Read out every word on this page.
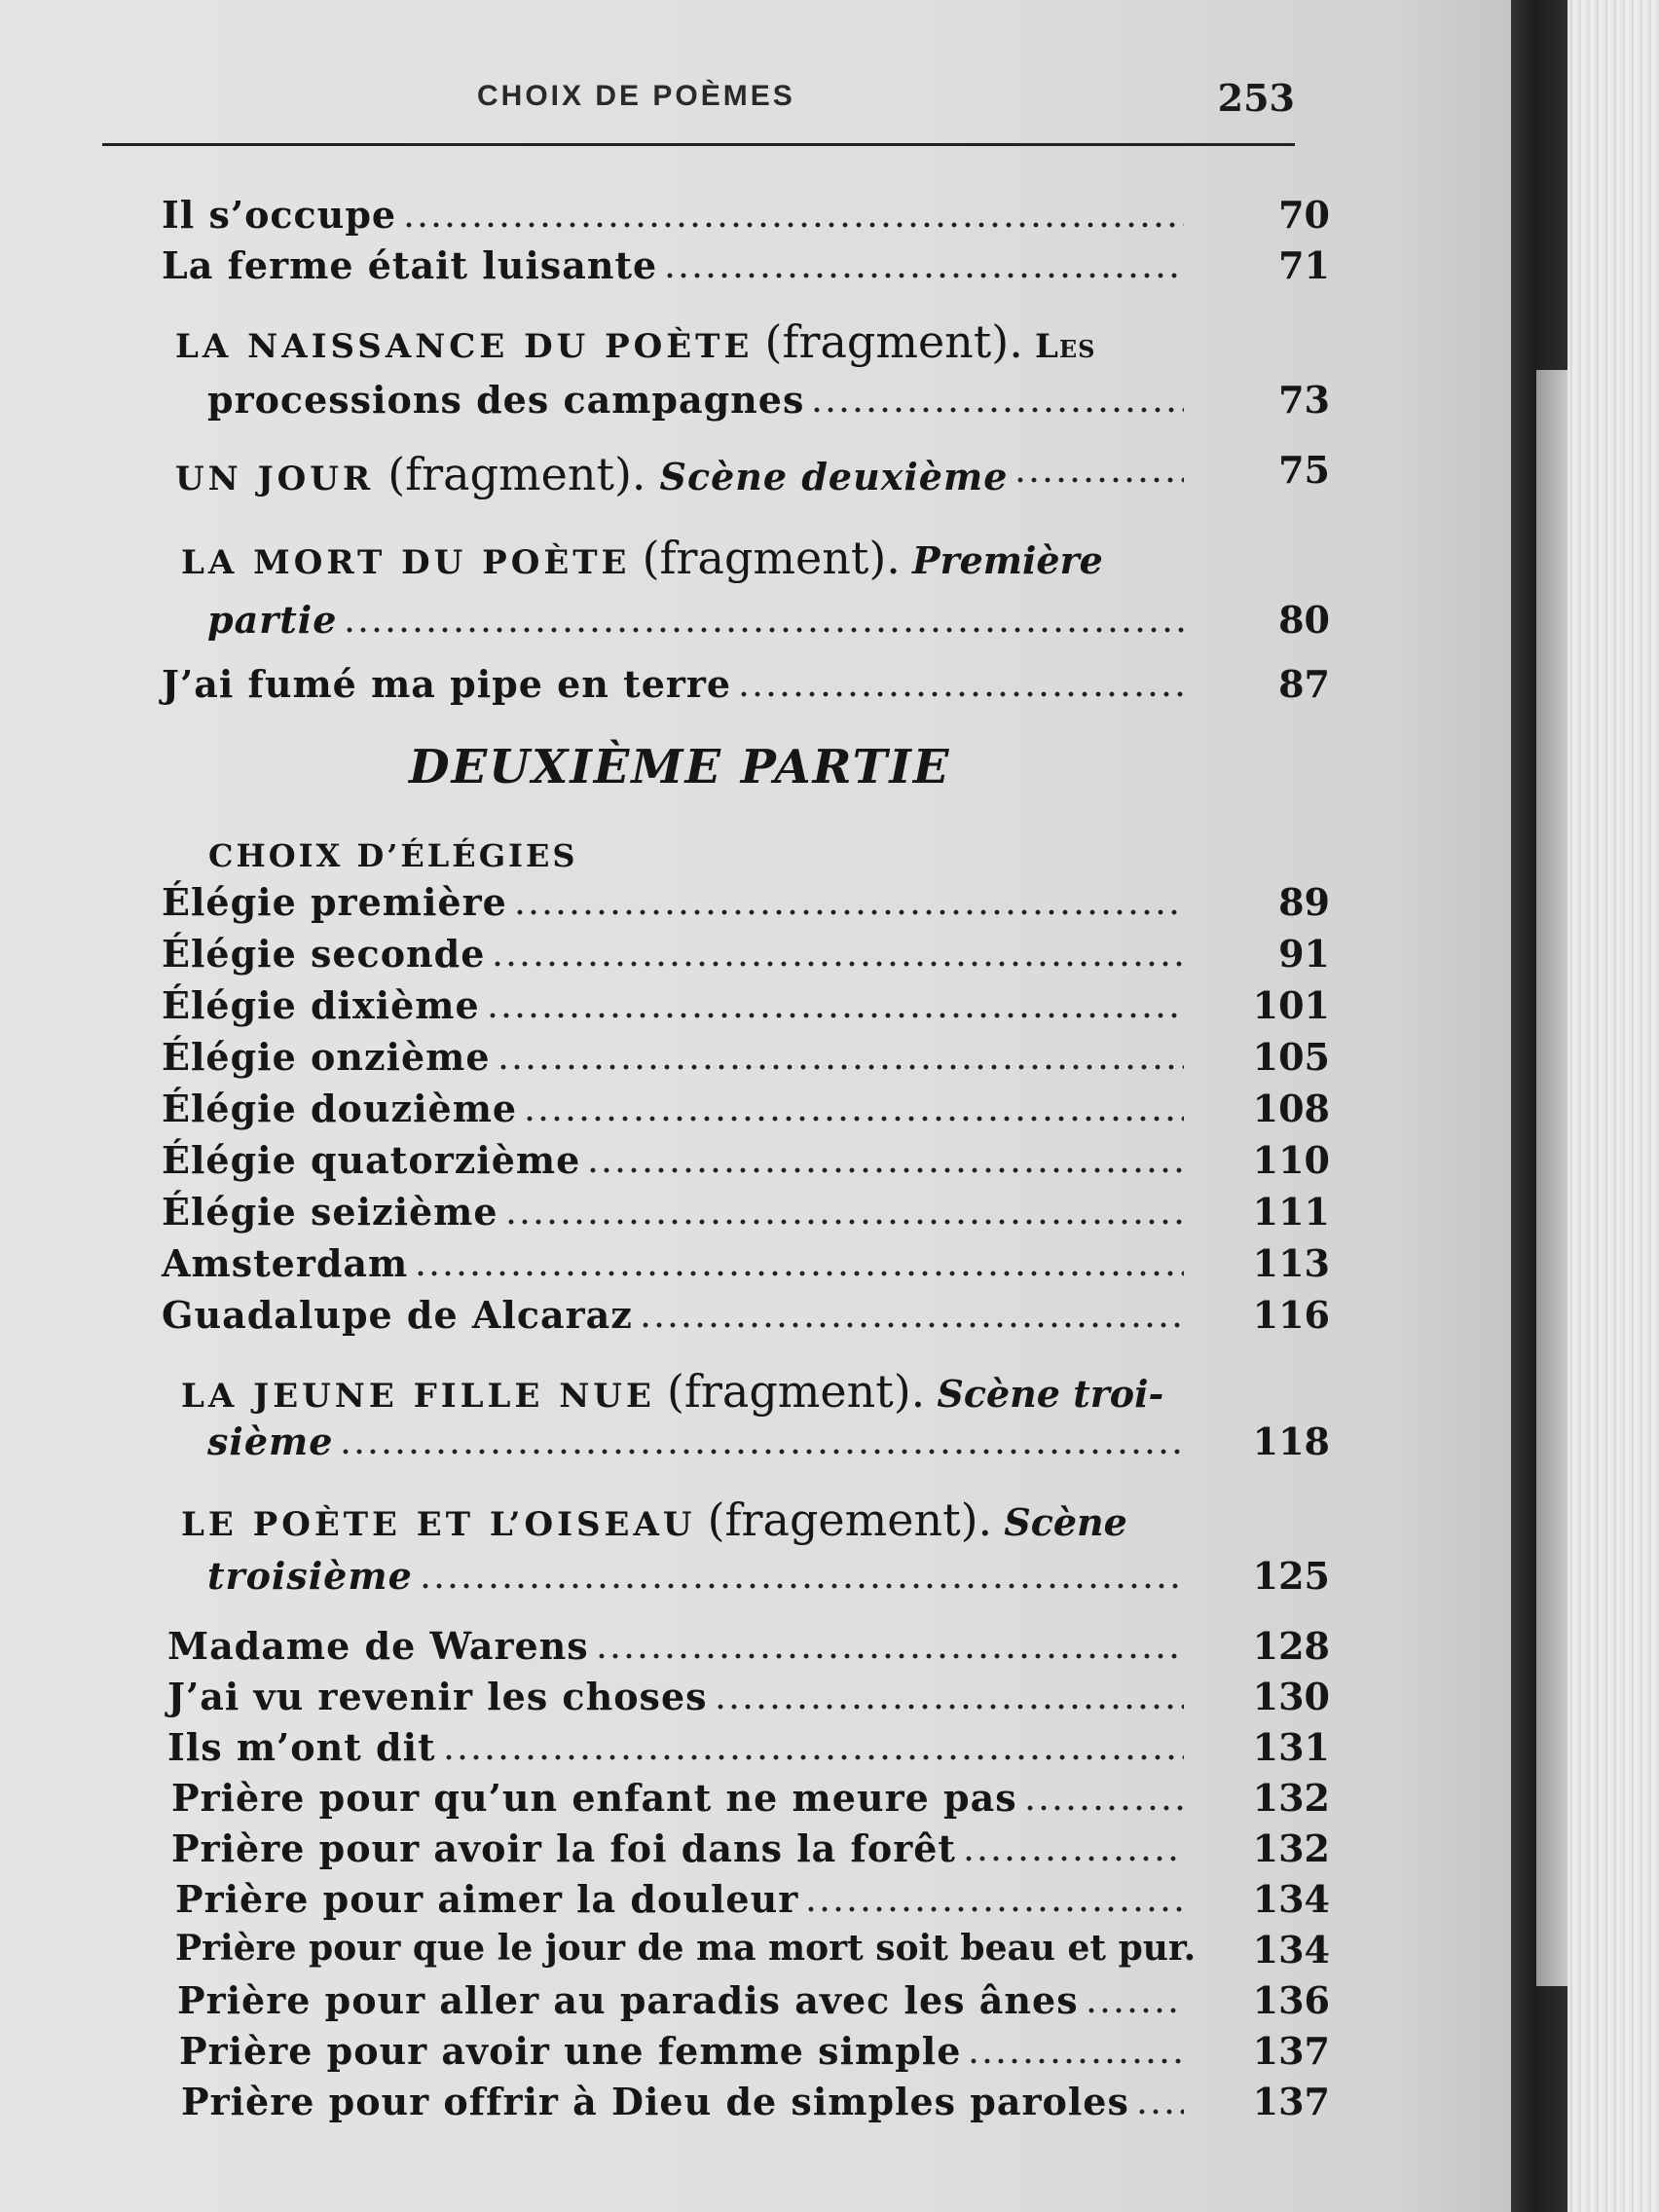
CHOIX DE POÈMES	253
Il s’occupe	70
La ferme était luisante	71
LA NAISSANCE DU POÈTE (fragment). Les
processions des campagnes	73
UN JOUR (fragment). Scène deuxième	75
LA MORT DU POÈTE (fragment). Première
partie	80
J’ai fumé ma pipe en terre	87
DEUXIÈME PARTIE
CHOIX D’ÉLÉGIES
Élégie première	89
Élégie seconde	91
Élégie dixième	101
Élégie onzième	105
Élégie douzième	108
Élégie quatorzième	110
Élégie seizième	111
Amsterdam	113
Guadalupe de Alcaraz	116
LA JEUNE FILLE NUE (fragment). Scène troi-
sième	118
LE POÈTE ET L’OISEAU (fragement). Scène
troisième	125
Madame de Warens	128
J’ai vu revenir les choses	130
Ils m’ont dit	131
Prière pour qu’un enfant ne meure pas	132
Prière pour avoir la foi dans la forêt	132
Prière pour aimer la douleur	134
Prière pour que le jour de ma mort soit beau et pur.	134
Prière pour aller au paradis avec les ânes	136
Prière pour avoir une femme simple	137
Prière pour offrir à Dieu de simples paroles	137
